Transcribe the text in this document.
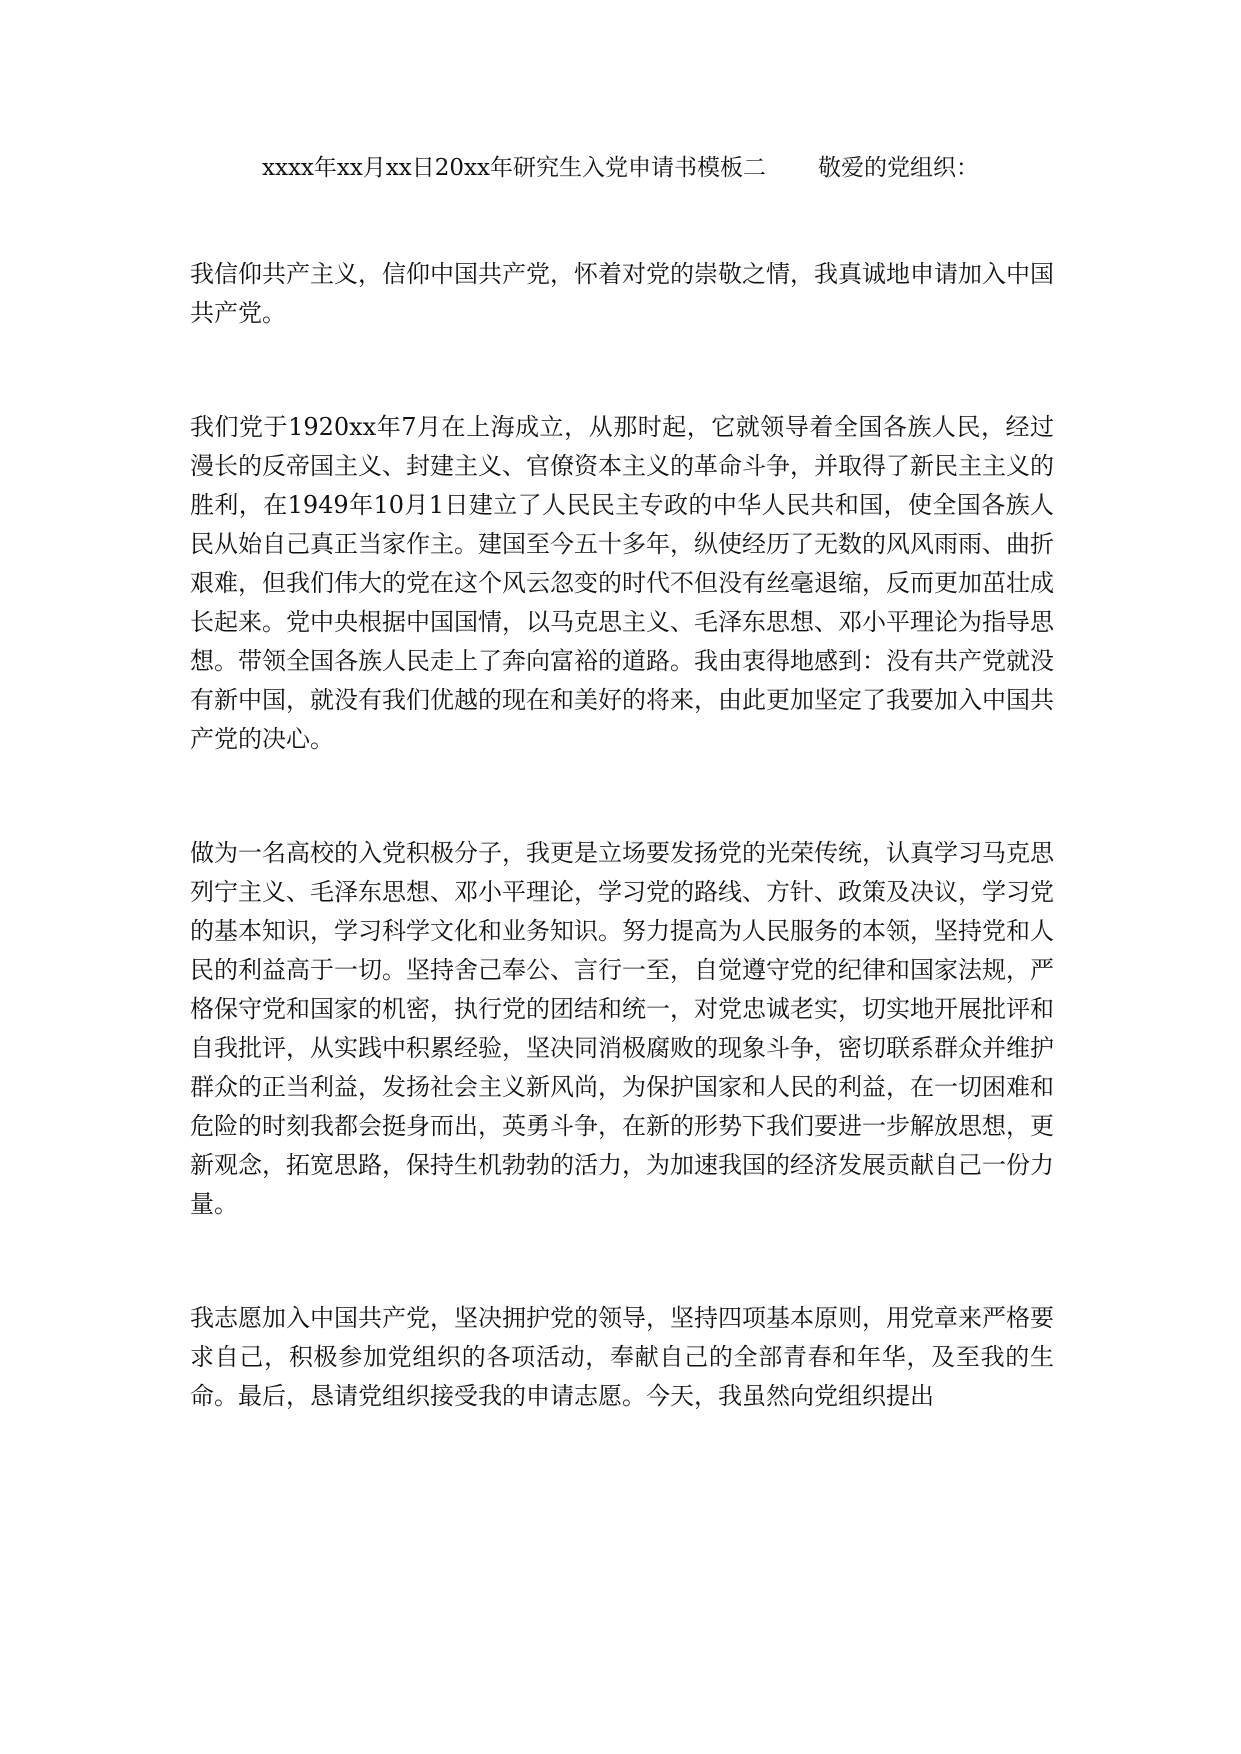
xxxx年xx月xx日20xx年研究生入党申请书模板二 敬爱的党组织：

我信仰共产主义，信仰中国共产党，怀着对党的崇敬之情，我真诚地申请加入中国共产党。

我们党于1920xx年7月在上海成立，从那时起，它就领导着全国各族人民，经过漫长的反帝国主义、封建主义、官僚资本主义的革命斗争，并取得了新民主主义的胜利，在1949年10月1日建立了人民民主专政的中华人民共和国，使全国各族人民从始自己真正当家作主。建国至今五十多年，纵使经历了无数的风风雨雨、曲折艰难，但我们伟大的党在这个风云忽变的时代不但没有丝毫退缩，反而更加茁壮成长起来。党中央根据中国国情，以马克思主义、毛泽东思想、邓小平理论为指导思想。带领全国各族人民走上了奔向富裕的道路。我由衷得地感到：没有共产党就没有新中国，就没有我们优越的现在和美好的将来，由此更加坚定了我要加入中国共产党的决心。

做为一名高校的入党积极分子，我更是立场要发扬党的光荣传统，认真学习马克思列宁主义、毛泽东思想、邓小平理论，学习党的路线、方针、政策及决议，学习党的基本知识，学习科学文化和业务知识。努力提高为人民服务的本领，坚持党和人民的利益高于一切。坚持舍己奉公、言行一至，自觉遵守党的纪律和国家法规，严格保守党和国家的机密，执行党的团结和统一，对党忠诚老实，切实地开展批评和自我批评，从实践中积累经验，坚决同消极腐败的现象斗争，密切联系群众并维护群众的正当利益，发扬社会主义新风尚，为保护国家和人民的利益，在一切困难和危险的时刻我都会挺身而出，英勇斗争，在新的形势下我们要进一步解放思想，更新观念，拓宽思路，保持生机勃勃的活力，为加速我国的经济发展贡献自己一份力量。

我志愿加入中国共产党，坚决拥护党的领导，坚持四项基本原则，用党章来严格要求自己，积极参加党组织的各项活动，奉献自己的全部青春和年华，及至我的生命。最后，恳请党组织接受我的申请志愿。今天，我虽然向党组织提出
